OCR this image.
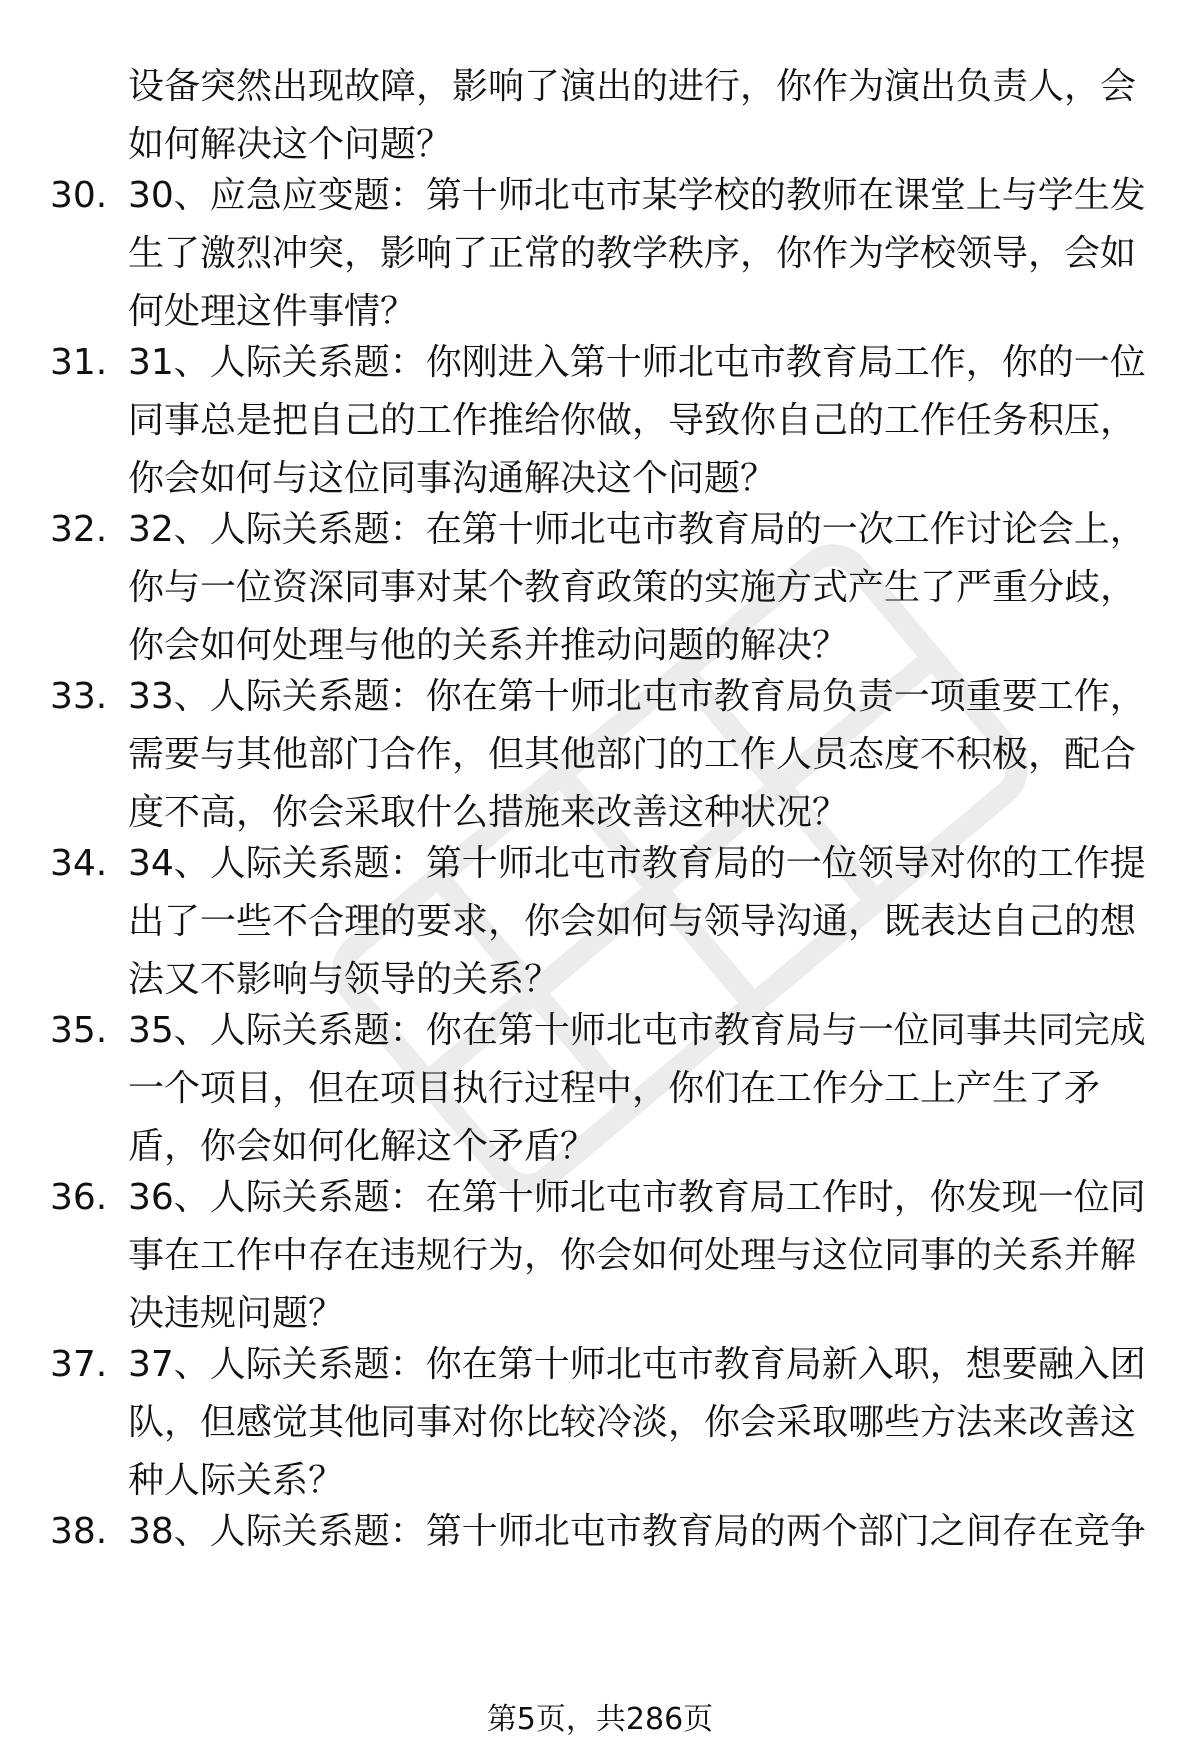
设备突然出现故障，影响了演出的进行，你作为演出负责人，会如何解决这个问题？
30. 30、应急应变题：第十师北屯市某学校的教师在课堂上与学生发生了激烈冲突，影响了正常的教学秩序，你作为学校领导，会如何处理这件事情？
31. 31、人际关系题：你刚进入第十师北屯市教育局工作，你的一位同事总是把自己的工作推给你做，导致你自己的工作任务积压，你会如何与这位同事沟通解决这个问题？
32. 32、人际关系题：在第十师北屯市教育局的一次工作讨论会上，你与一位资深同事对某个教育政策的实施方式产生了严重分歧，你会如何处理与他的关系并推动问题的解决？
33. 33、人际关系题：你在第十师北屯市教育局负责一项重要工作，需要与其他部门合作，但其他部门的工作人员态度不积极，配合度不高，你会采取什么措施来改善这种状况？
34. 34、人际关系题：第十师北屯市教育局的一位领导对你的工作提出了一些不合理的要求，你会如何与领导沟通，既表达自己的想法又不影响与领导的关系？
35. 35、人际关系题：你在第十师北屯市教育局与一位同事共同完成一个项目，但在项目执行过程中，你们在工作分工上产生了矛盾，你会如何化解这个矛盾？
36. 36、人际关系题：在第十师北屯市教育局工作时，你发现一位同事在工作中存在违规行为，你会如何处理与这位同事的关系并解决违规问题？
37. 37、人际关系题：你在第十师北屯市教育局新入职，想要融入团队，但感觉其他同事对你比较冷淡，你会采取哪些方法来改善这种人际关系？
38. 38、人际关系题：第十师北屯市教育局的两个部门之间存在竞争
第5页，共286页
